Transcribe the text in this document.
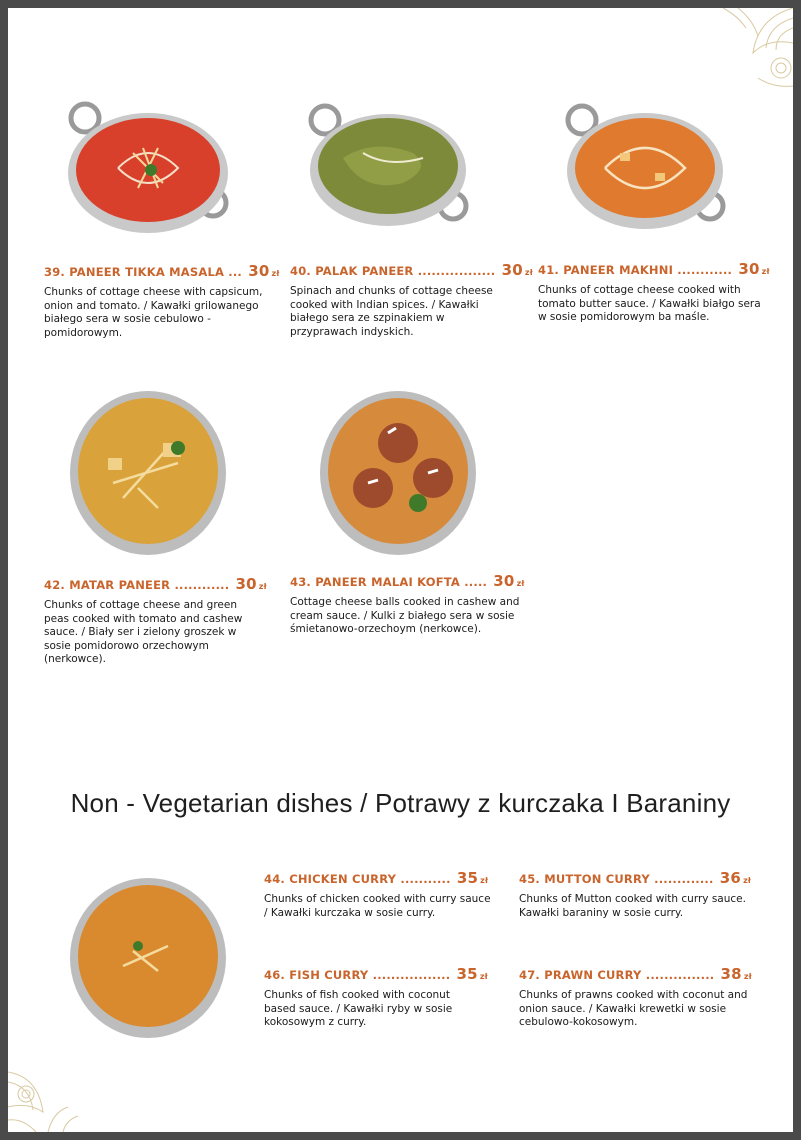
39. PANEER TIKKA MASALA ... 30 zł
Chunks of cottage cheese with capsicum, onion and tomato. / Kawałki grilowanego białego sera w sosie cebulowo -pomidorowym.
40. PALAK PANEER ................. 30 zł
Spinach and chunks of cottage cheese cooked with Indian spices. / Kawałki białego sera ze szpinakiem w przyprawach indyskich.
41. PANEER MAKHNI ............ 30 zł
Chunks of cottage cheese cooked with tomato butter sauce. / Kawałki białgo sera w sosie pomidorowym ba maśle.
42. MATAR PANEER ............ 30 zł
Chunks of cottage cheese and green peas cooked with tomato and cashew sauce. / Biały ser i zielony groszek w sosie pomidorowo orzechowym (nerkowce).
43. PANEER MALAI KOFTA ..... 30 zł
Cottage cheese balls cooked in cashew and cream sauce. / Kulki z białego sera w sosie śmietanowo-orzechoym (nerkowce).
Non - Vegetarian dishes / Potrawy z kurczaka I Baraniny
44. CHICKEN CURRY ........... 35 zł
Chunks of chicken cooked with curry sauce / Kawałki kurczaka w sosie curry.
45. MUTTON CURRY ............. 36 zł
Chunks of Mutton cooked with curry sauce. Kawałki baraniny w sosie curry.
46. FISH CURRY ................. 35 zł
Chunks of fish cooked with coconut based sauce. / Kawałki ryby w sosie kokosowym z curry.
47. PRAWN CURRY ............... 38 zł
Chunks of prawns cooked with coconut and onion sauce. / Kawałki krewetki w sosie cebulowo-kokosowym.
